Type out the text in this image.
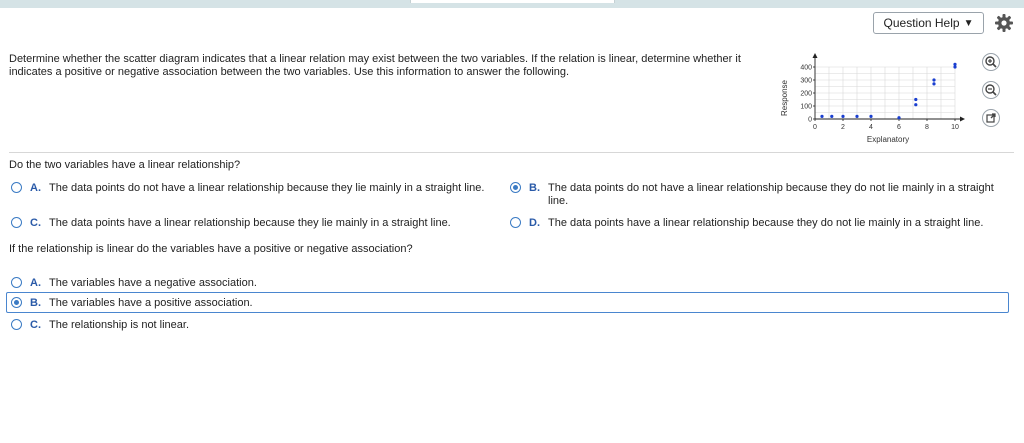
Question Help ▼
Determine whether the scatter diagram indicates that a linear relation may exist between the two variables. If the relation is linear, determine whether it indicates a positive or negative association between the two variables. Use this information to answer the following.
Response
0
100
200
300
400
0	2	4	6	8	10
Explanatory
Do the two variables have a linear relationship?
A. The data points do not have a linear relationship because they lie mainly in a straight line.	B. The data points do not have a linear relationship because they do not lie mainly in a straight line.
C. The data points have a linear relationship because they lie mainly in a straight line.	D. The data points have a linear relationship because they do not lie mainly in a straight line.
If the relationship is linear do the variables have a positive or negative association?
A. The variables have a negative association.
B. The variables have a positive association.
C. The relationship is not linear.
